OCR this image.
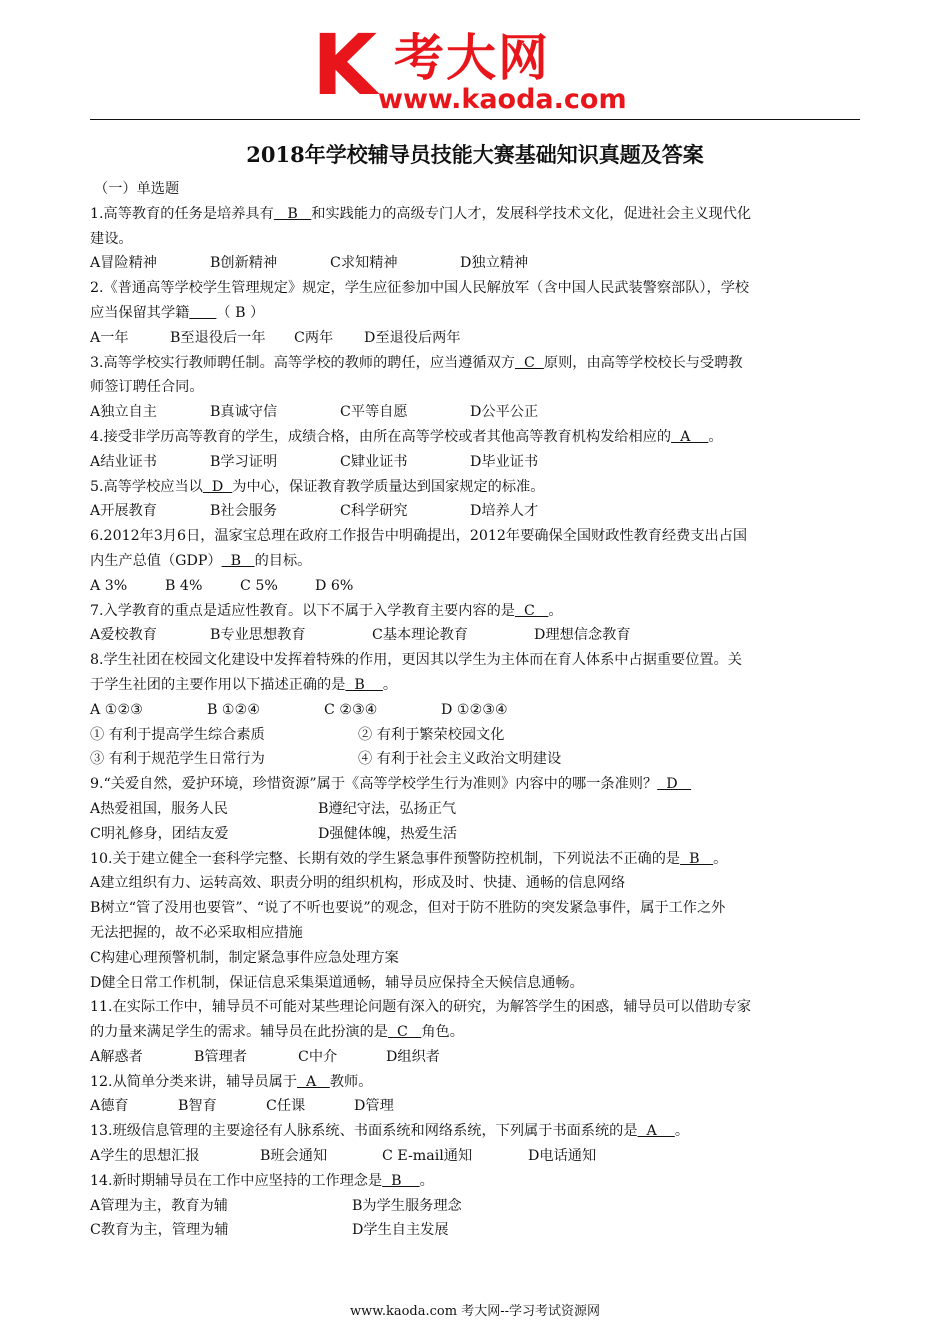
K 考大网
www.kaoda.com
2018年学校辅导员技能大赛基础知识真题及答案
（一）单选题
1.高等教育的任务是培养具有   B   和实践能力的高级专门人才，发展科学技术文化，促进社会主义现代化
建设。
A冒险精神	B创新精神	C求知精神	D独立精神
2.《普通高等学校学生管理规定》规定，学生应征参加中国人民解放军（含中国人民武装警察部队），学校
应当保留其学籍 （ B ）
A一年	B至退役后一年 C两年 D至退役后两年
3.高等学校实行教师聘任制。高等学校的教师的聘任，应当遵循双方  C  原则，由高等学校校长与受聘教
师签订聘任合同。
A独立自主	B真诚守信	C平等自愿	D公平公正
4.接受非学历高等教育的学生，成绩合格，由所在高等学校或者其他高等教育机构发给相应的  A    。
A结业证书	B学习证明	C肄业证书	D毕业证书
5.高等学校应当以  D  为中心，保证教育教学质量达到国家规定的标准。
A开展教育	B社会服务	C科学研究	D培养人才
6.2012年3月6日，温家宝总理在政府工作报告中明确提出，2012年要确保全国财政性教育经费支出占国
内生产总值（GDP）  B   的目标。
A 3%	B 4%	C 5%	D 6%
7.入学教育的重点是适应性教育。以下不属于入学教育主要内容的是  C   。
A爱校教育	B专业思想教育	C基本理论教育	D理想信念教育
8.学生社团在校园文化建设中发挥着特殊的作用，更因其以学生为主体而在育人体系中占据重要位置。关
于学生社团的主要作用以下描述正确的是  B    。
A ①②③	B ①②④	C ②③④	D ①②③④
① 有利于提高学生综合素质	② 有利于繁荣校园文化
③ 有利于规范学生日常行为	④ 有利于社会主义政治文明建设
9.“关爱自然，爱护环境，珍惜资源”属于《高等学校学生行为准则》内容中的哪一条准则？  D
A热爱祖国，服务人民	B遵纪守法，弘扬正气
C明礼修身，团结友爱	D强健体魄，热爱生活
10.关于建立健全一套科学完整、长期有效的学生紧急事件预警防控机制，下列说法不正确的是  B   。
A建立组织有力、运转高效、职责分明的组织机构，形成及时、快捷、通畅的信息网络
B树立“管了没用也要管”、“说了不听也要说”的观念，但对于防不胜防的突发紧急事件，属于工作之外
无法把握的，故不必采取相应措施
C构建心理预警机制，制定紧急事件应急处理方案
D健全日常工作机制，保证信息采集渠道通畅，辅导员应保持全天候信息通畅。
11.在实际工作中，辅导员不可能对某些理论问题有深入的研究，为解答学生的困惑，辅导员可以借助专家
的力量来满足学生的需求。辅导员在此扮演的是  C   角色。
A解惑者	B管理者	C中介	D组织者
12.从简单分类来讲，辅导员属于  A   教师。
A德育	B智育	C任课	D管理
13.班级信息管理的主要途径有人脉系统、书面系统和网络系统，下列属于书面系统的是  A    。
A学生的思想汇报	B班会通知	C E-mail通知	D电话通知
14.新时期辅导员在工作中应坚持的工作理念是  B    。
A管理为主，教育为辅	B为学生服务理念
C教育为主，管理为辅	D学生自主发展
www.kaoda.com 考大网--学习考试资源网
